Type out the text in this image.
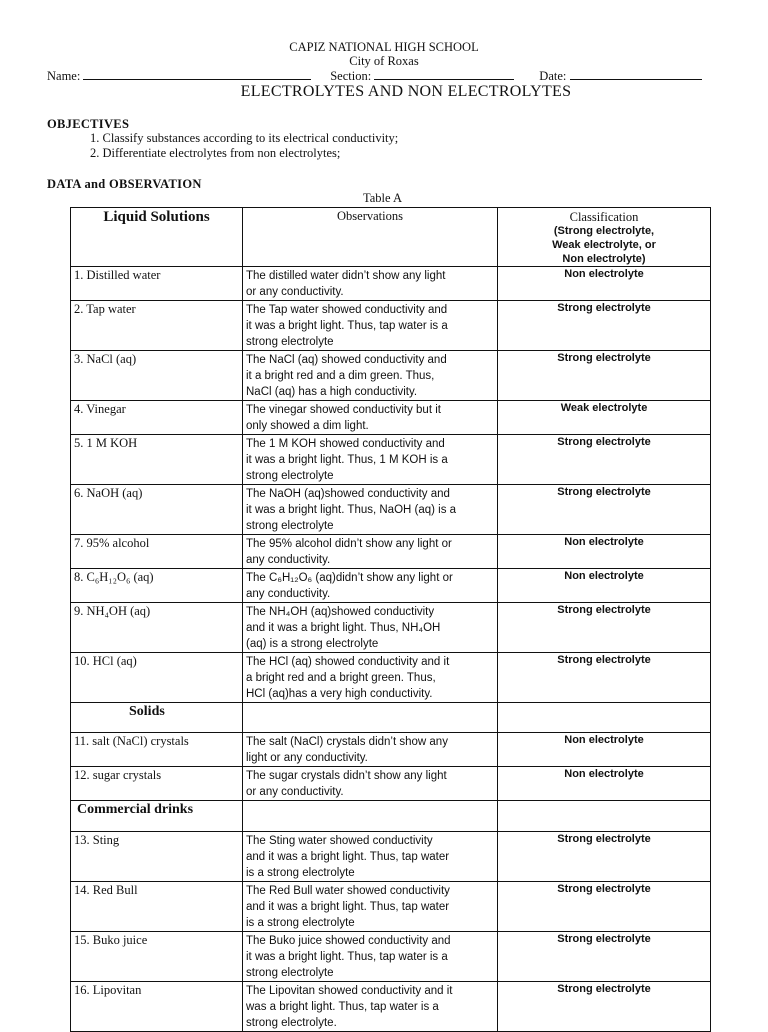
CAPIZ NATIONAL HIGH SCHOOL
City of Roxas
Name:	Section:	Date:
ELECTROLYTES AND NON ELECTROLYTES
OBJECTIVES
1. Classify substances according to its electrical conductivity;
2. Differentiate electrolytes from non electrolytes;
DATA and OBSERVATION
Table A
Liquid Solutions	Observations	Classification
(Strong electrolyte,
Weak electrolyte, or
Non electrolyte)

1. Distilled water	The distilled water didn’t show any light
or any conductivity.	Non electrolyte
2. Tap water	The Tap water showed conductivity and
it was a bright light. Thus, tap water is a
strong electrolyte	Strong electrolyte
3. NaCl (aq)	The NaCl (aq) showed conductivity and
it a bright red and a dim green. Thus,
NaCl (aq) has a high conductivity.	Strong electrolyte
4. Vinegar	The vinegar showed conductivity but it
only showed a dim light.	Weak electrolyte
5. 1 M KOH	The 1 M KOH showed conductivity and
it was a bright light. Thus, 1 M KOH is a
strong electrolyte	Strong electrolyte
6. NaOH (aq)	The NaOH (aq)showed conductivity and
it was a bright light. Thus, NaOH (aq) is a
strong electrolyte	Strong electrolyte
7. 95% alcohol	The 95% alcohol didn’t show any light or
any conductivity.	Non electrolyte
8. C₆H₁₂O₆ (aq)	The C₆H₁₂O₆ (aq)didn’t show any light or
any conductivity.	Non electrolyte
9. NH₄OH (aq)	The NH₄OH (aq)showed conductivity
and it was a bright light. Thus, NH₄OH
(aq) is a strong electrolyte	Strong electrolyte
10. HCl (aq)	The HCl (aq) showed conductivity and it
a bright red and a bright green. Thus,
HCl (aq)has a very high conductivity.	Strong electrolyte
Solids		
11. salt (NaCl) crystals	The salt (NaCl) crystals didn’t show any
light or any conductivity.	Non electrolyte
12. sugar crystals	The sugar crystals didn’t show any light
or any conductivity.	Non electrolyte
Commercial drinks		
13. Sting	The Sting water showed conductivity
and it was a bright light. Thus, tap water
is a strong electrolyte	Strong electrolyte
14. Red Bull	The Red Bull water showed conductivity
and it was a bright light. Thus, tap water
is a strong electrolyte	Strong electrolyte
15. Buko juice	The Buko juice showed conductivity and
it was a bright light. Thus, tap water is a
strong electrolyte	Strong electrolyte
16. Lipovitan	The Lipovitan showed conductivity and it
was a bright light. Thus, tap water is a
strong electrolyte.	Strong electrolyte
